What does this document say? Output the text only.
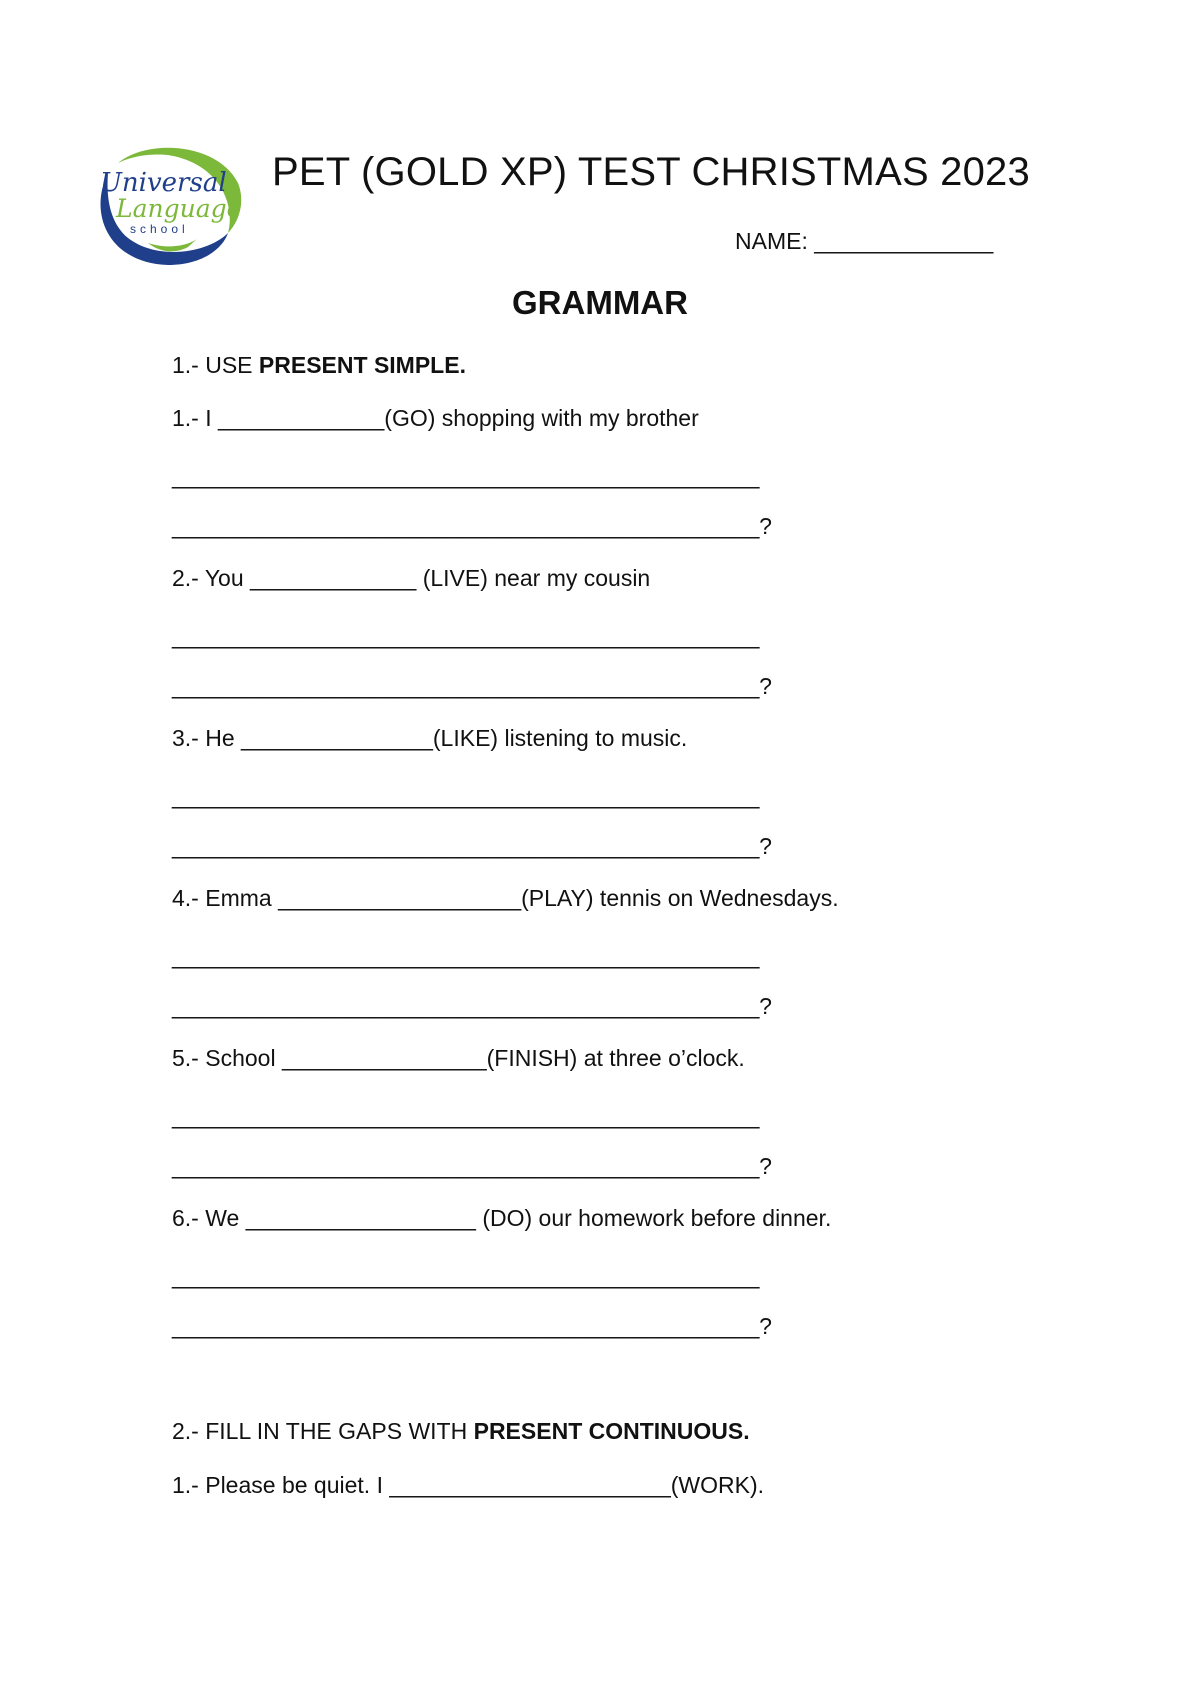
Universal
Language
school
PET (GOLD XP) TEST CHRISTMAS 2023
NAME: ______________
GRAMMAR
1.- USE PRESENT SIMPLE.
1.- I _____________(GO) shopping with my brother
_______________________________________________
_______________________________________________?
2.- You _____________ (LIVE) near my cousin
_______________________________________________
_______________________________________________?
3.- He _______________(LIKE) listening to music.
_______________________________________________
_______________________________________________?
4.- Emma ___________________(PLAY) tennis on Wednesdays.
_______________________________________________
_______________________________________________?
5.- School ________________(FINISH) at three o’clock.
_______________________________________________
_______________________________________________?
6.- We __________________ (DO) our homework before dinner.
_______________________________________________
_______________________________________________?
2.- FILL IN THE GAPS WITH PRESENT CONTINUOUS.
1.- Please be quiet. I ______________________(WORK).
